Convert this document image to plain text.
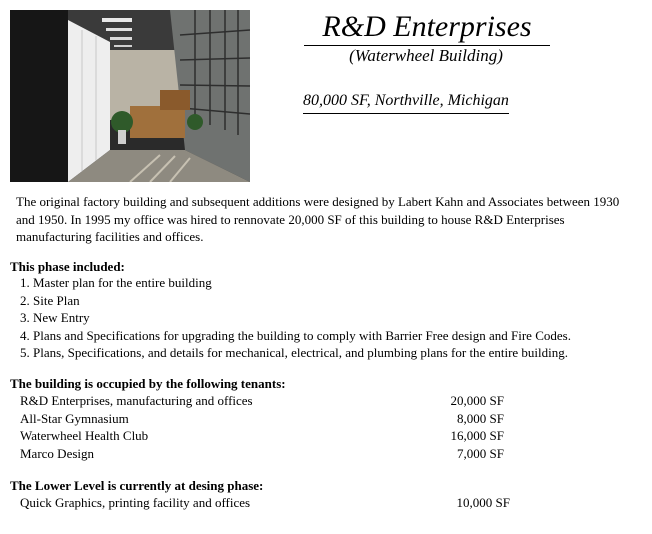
R&D Enterprises
(Waterwheel Building)
80,000 SF, Northville, Michigan
The original factory building and subsequent additions were designed by Labert Kahn and Associates between 1930 and 1950. In 1995 my office was hired to rennovate 20,000 SF of this building to house R&D Enterprises manufacturing facilities and offices.
This phase included:
1. Master plan for the entire building
2. Site Plan
3. New Entry
4. Plans and Specifications for upgrading the building to comply with Barrier Free design and Fire Codes.
5. Plans, Specifications, and details for mechanical, electrical, and plumbing plans for the entire building.
The building is occupied by the following tenants:
R&D Enterprises, manufacturing and offices	20,000 SF
All-Star Gymnasium	8,000 SF
Waterwheel Health Club	16,000 SF
Marco Design	7,000 SF
The Lower Level is currently at desing phase:
Quick Graphics, printing facility and offices	10,000 SF
